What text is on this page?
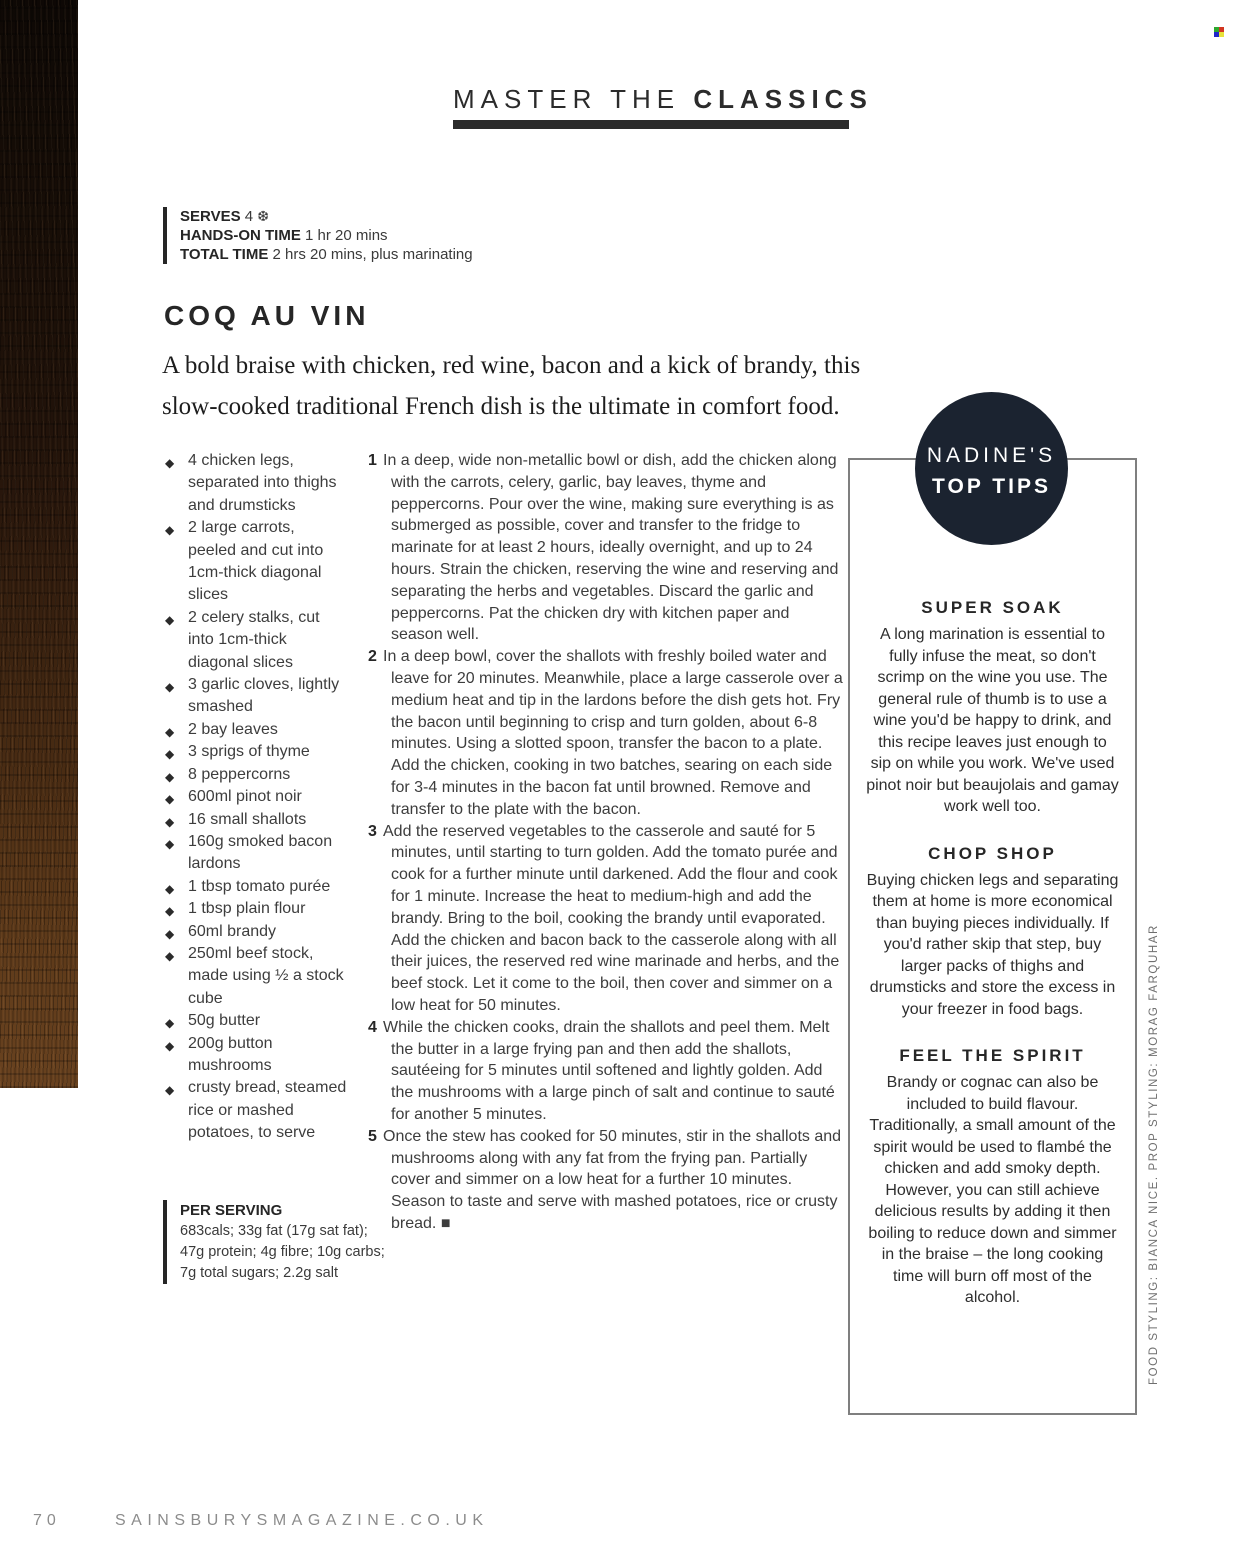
MASTER THE CLASSICS
SERVES 4 ❆
HANDS-ON TIME 1 hr 20 mins
TOTAL TIME 2 hrs 20 mins, plus marinating
COQ AU VIN
A bold braise with chicken, red wine, bacon and a kick of brandy, this slow-cooked traditional French dish is the ultimate in comfort food.
◆ 4 chicken legs, separated into thighs and drumsticks
◆ 2 large carrots, peeled and cut into 1cm-thick diagonal slices
◆ 2 celery stalks, cut into 1cm-thick diagonal slices
◆ 3 garlic cloves, lightly smashed
◆ 2 bay leaves
◆ 3 sprigs of thyme
◆ 8 peppercorns
◆ 600ml pinot noir
◆ 16 small shallots
◆ 160g smoked bacon lardons
◆ 1 tbsp tomato purée
◆ 1 tbsp plain flour
◆ 60ml brandy
◆ 250ml beef stock, made using ½ a stock cube
◆ 50g butter
◆ 200g button mushrooms
◆ crusty bread, steamed rice or mashed potatoes, to serve
1 In a deep, wide non-metallic bowl or dish, add the chicken along with the carrots, celery, garlic, bay leaves, thyme and peppercorns. Pour over the wine, making sure everything is as submerged as possible, cover and transfer to the fridge to marinate for at least 2 hours, ideally overnight, and up to 24 hours. Strain the chicken, reserving the wine and reserving and separating the herbs and vegetables. Discard the garlic and peppercorns. Pat the chicken dry with kitchen paper and season well.
2 In a deep bowl, cover the shallots with freshly boiled water and leave for 20 minutes. Meanwhile, place a large casserole over a medium heat and tip in the lardons before the dish gets hot. Fry the bacon until beginning to crisp and turn golden, about 6-8 minutes. Using a slotted spoon, transfer the bacon to a plate. Add the chicken, cooking in two batches, searing on each side for 3-4 minutes in the bacon fat until browned. Remove and transfer to the plate with the bacon.
3 Add the reserved vegetables to the casserole and sauté for 5 minutes, until starting to turn golden. Add the tomato purée and cook for a further minute until darkened. Add the flour and cook for 1 minute. Increase the heat to medium-high and add the brandy. Bring to the boil, cooking the brandy until evaporated. Add the chicken and bacon back to the casserole along with all their juices, the reserved red wine marinade and herbs, and the beef stock. Let it come to the boil, then cover and simmer on a low heat for 50 minutes.
4 While the chicken cooks, drain the shallots and peel them. Melt the butter in a large frying pan and then add the shallots, sautéeing for 5 minutes until softened and lightly golden. Add the mushrooms with a large pinch of salt and continue to sauté for another 5 minutes.
5 Once the stew has cooked for 50 minutes, stir in the shallots and mushrooms along with any fat from the frying pan. Partially cover and simmer on a low heat for a further 10 minutes. Season to taste and serve with mashed potatoes, rice or crusty bread. ■
PER SERVING
683cals; 33g fat (17g sat fat); 47g protein; 4g fibre; 10g carbs; 7g total sugars; 2.2g salt
SUPER SOAK
A long marination is essential to fully infuse the meat, so don't scrimp on the wine you use. The general rule of thumb is to use a wine you'd be happy to drink, and this recipe leaves just enough to sip on while you work. We've used pinot noir but beaujolais and gamay work well too.
CHOP SHOP
Buying chicken legs and separating them at home is more economical than buying pieces individually. If you'd rather skip that step, buy larger packs of thighs and drumsticks and store the excess in your freezer in food bags.
FEEL THE SPIRIT
Brandy or cognac can also be included to build flavour. Traditionally, a small amount of the spirit would be used to flambé the chicken and add smoky depth. However, you can still achieve delicious results by adding it then boiling to reduce down and simmer in the braise – the long cooking time will burn off most of the alcohol.
NADINE'S
TOP TIPS
FOOD STYLING: BIANCA NICE. PROP STYLING: MORAG FARQUHAR
70	SAINSBURYSMAGAZINE.CO.UK
